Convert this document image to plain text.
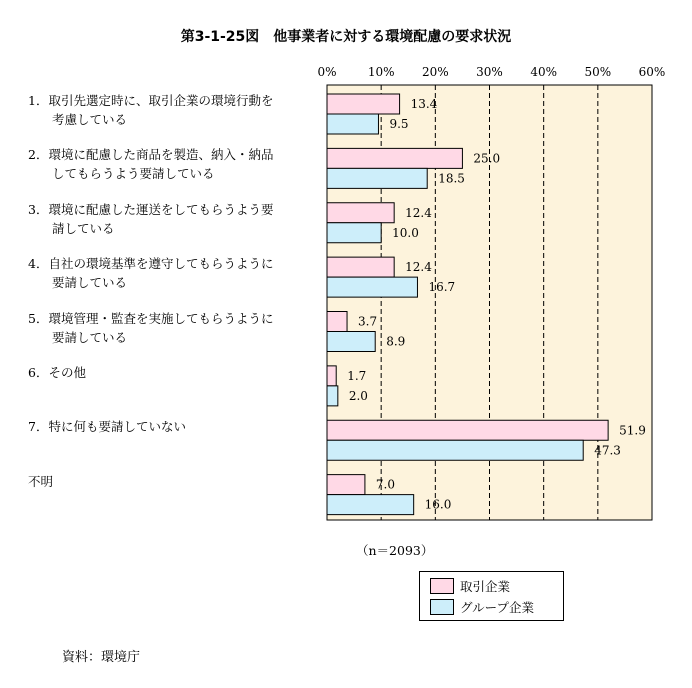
第3-1-25図　他事業者に対する環境配慮の要求状況
0%	10% 20% 30% 40% 50% 60%
13.4
9.5
25.0
18.5
12.4
10.0
12.4
16.7
3.7
8.9
1.7
2.0
51.9
47.3
7.0
16.0
1．取引先選定時に、取引企業の環境行動を
考慮している
2．環境に配慮した商品を製造、納入・納品
してもらうよう要請している
3．環境に配慮した運送をしてもらうよう要
請している
4．自社の環境基準を遵守してもらうように
要請している
5．環境管理・監査を実施してもらうように
要請している
6．その他
7．特に何も要請していない
不明
（n＝2093）
取引企業
グループ企業
資料：環境庁
